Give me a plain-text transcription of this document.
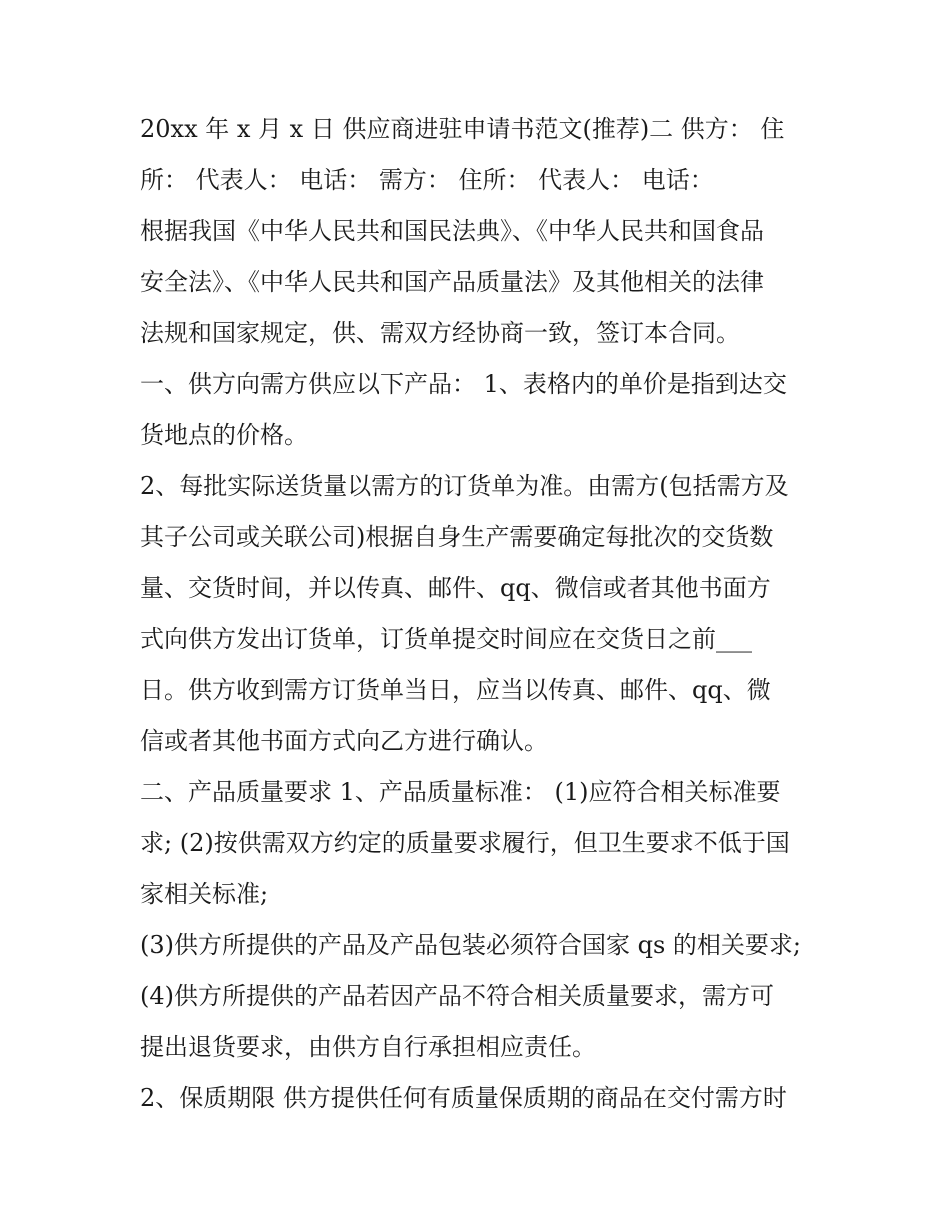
20xx 年 x 月 x 日 供应商进驻申请书范文(推荐)二 供方： 住
所： 代表人： 电话： 需方： 住所： 代表人： 电话：
根据我国《中华人民共和国民法典》、《中华人民共和国食品
安全法》、《中华人民共和国产品质量法》及其他相关的法律
法规和国家规定，供、需双方经协商一致，签订本合同。
一、供方向需方供应以下产品： 1、表格内的单价是指到达交
货地点的价格。
2、每批实际送货量以需方的订货单为准。由需方(包括需方及
其子公司或关联公司)根据自身生产需要确定每批次的交货数
量、交货时间，并以传真、邮件、qq、微信或者其他书面方
式向供方发出订货单，订货单提交时间应在交货日之前___
日。供方收到需方订货单当日，应当以传真、邮件、qq、微
信或者其他书面方式向乙方进行确认。
二、产品质量要求 1、产品质量标准： (1)应符合相关标准要
求; (2)按供需双方约定的质量要求履行，但卫生要求不低于国
家相关标准;
(3)供方所提供的产品及产品包装必须符合国家 qs 的相关要求;
(4)供方所提供的产品若因产品不符合相关质量要求，需方可
提出退货要求，由供方自行承担相应责任。
2、保质期限 供方提供任何有质量保质期的商品在交付需方时
